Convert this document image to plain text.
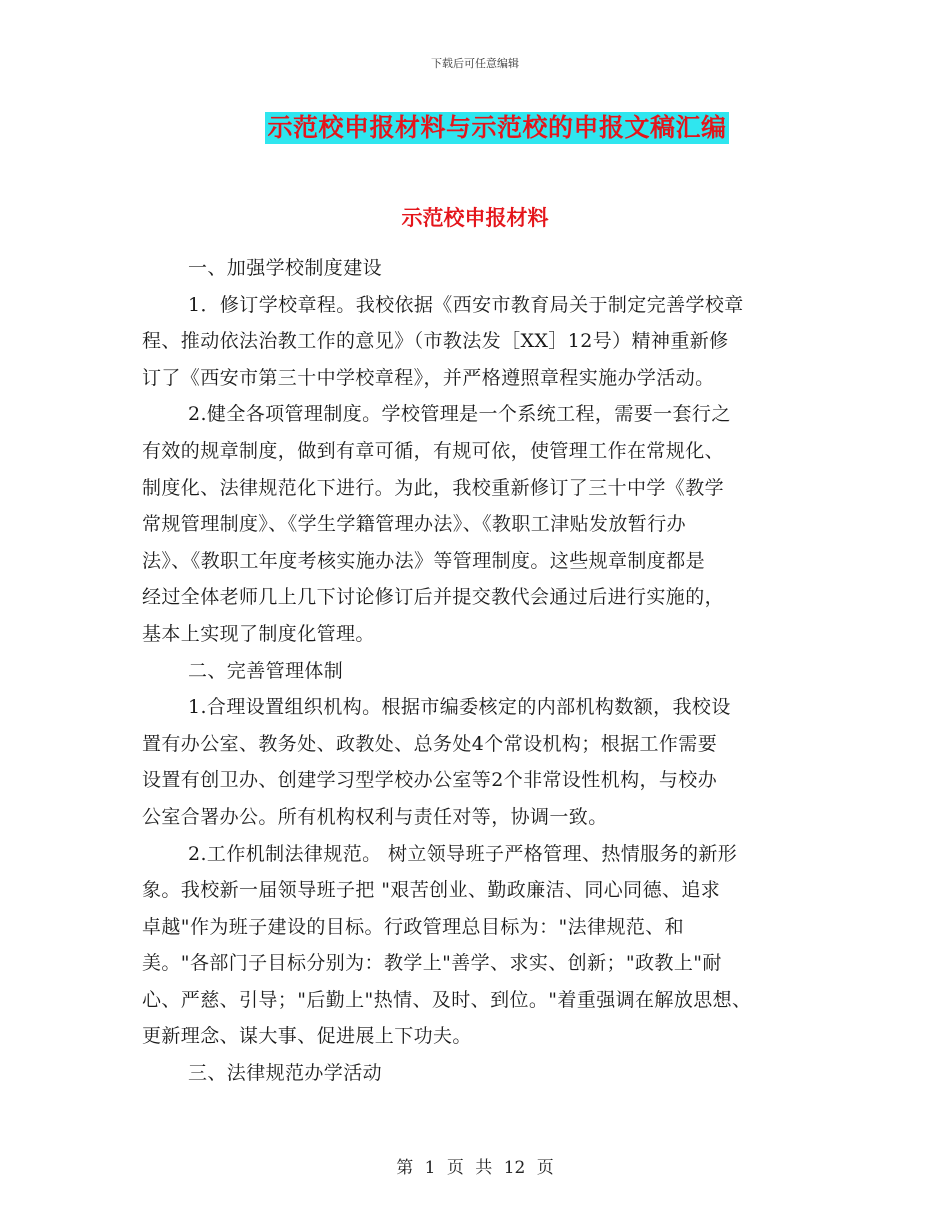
下载后可任意编辑
示范校申报材料与示范校的申报文稿汇编
示范校申报材料
一、加强学校制度建设
1．修订学校章程。我校依据《西安市教育局关于制定完善学校章
程、推动依法治教工作的意见》（市教法发［XX］12号）精神重新修
订了《西安市第三十中学校章程》，并严格遵照章程实施办学活动。
2.健全各项管理制度。学校管理是一个系统工程，需要一套行之
有效的规章制度，做到有章可循，有规可依，使管理工作在常规化、
制度化、法律规范化下进行。为此，我校重新修订了三十中学《教学
常规管理制度》、《学生学籍管理办法》、《教职工津贴发放暂行办
法》、《教职工年度考核实施办法》等管理制度。这些规章制度都是
经过全体老师几上几下讨论修订后并提交教代会通过后进行实施的，
基本上实现了制度化管理。
二、完善管理体制
1.合理设置组织机构。根据市编委核定的内部机构数额，我校设
置有办公室、教务处、政教处、总务处4个常设机构；根据工作需要
设置有创卫办、创建学习型学校办公室等2个非常设性机构，与校办
公室合署办公。所有机构权利与责任对等，协调一致。
2.工作机制法律规范。 树立领导班子严格管理、热情服务的新形
象。我校新一届领导班子把 "艰苦创业、勤政廉洁、同心同德、追求
卓越"作为班子建设的目标。行政管理总目标为："法律规范、和
美。"各部门子目标分别为：教学上"善学、求实、创新；"政教上"耐
心、严慈、引导；"后勤上"热情、及时、到位。"着重强调在解放思想、
更新理念、谋大事、促进展上下功夫。
三、法律规范办学活动
第 1 页 共 12 页
